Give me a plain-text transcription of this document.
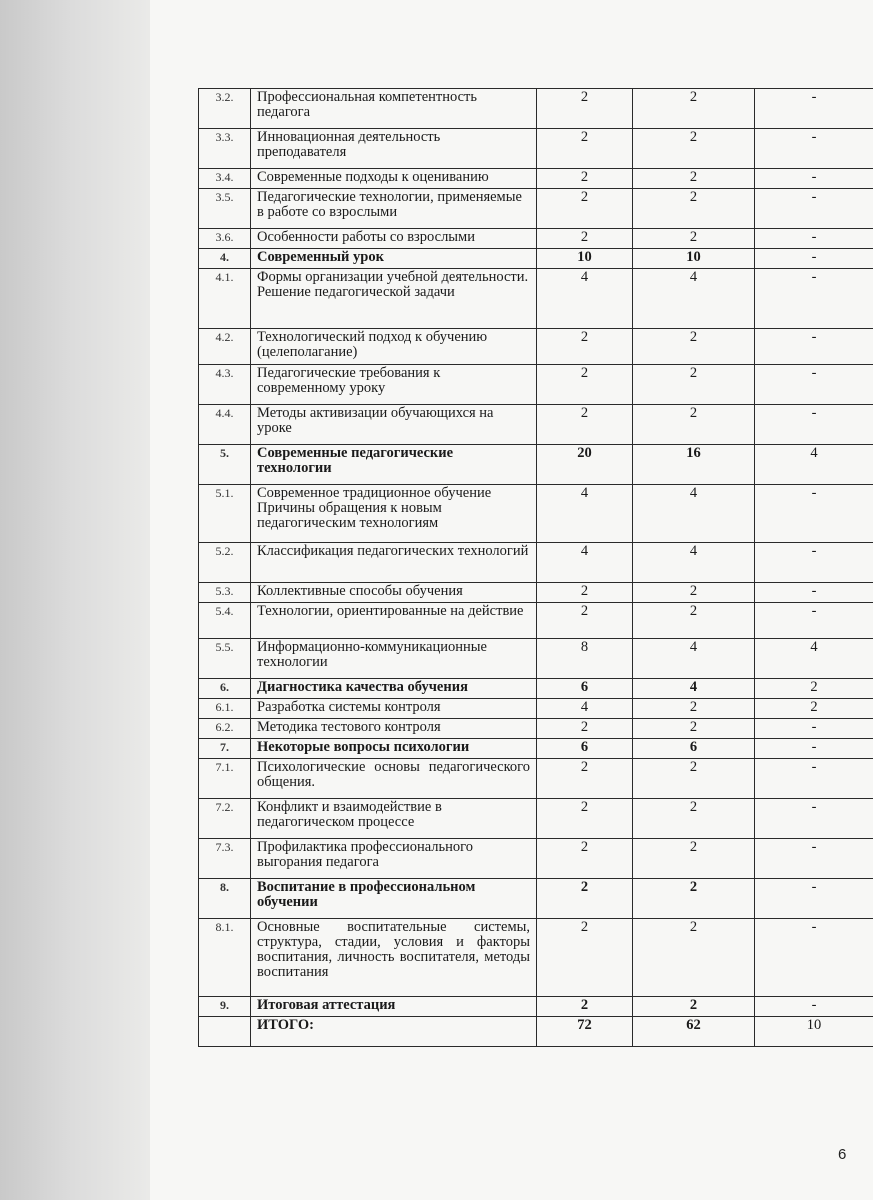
3.2.	Профессиональная компетентность педагога	2	2	-
3.3.	Инновационная деятельность преподавателя	2	2	-
3.4.	Современные подходы к оцениванию	2	2	-
3.5.	Педагогические технологии, применяемые в работе со взрослыми	2	2	-
3.6.	Особенности работы со взрослыми	2	2	-
4.	Современный урок	10	10	-
4.1.	Формы организации учебной деятельности. Решение педагогической задачи	4	4	-
4.2.	Технологический подход к обучению (целеполагание)	2	2	-
4.3.	Педагогические требования к современному уроку	2	2	-
4.4.	Методы активизации обучающихся на уроке	2	2	-
5.	Современные педагогические технологии	20	16	4
5.1.	Современное традиционное обучение Причины обращения к новым педагогическим технологиям	4	4	-
5.2.	Классификация педагогических технологий	4	4	-
5.3.	Коллективные способы обучения	2	2	-
5.4.	Технологии, ориентированные на действие	2	2	-
5.5.	Информационно-коммуникационные технологии	8	4	4
6.	Диагностика качества обучения	6	4	2
6.1.	Разработка системы контроля	4	2	2
6.2.	Методика тестового контроля	2	2	-
7.	Некоторые вопросы психологии	6	6	-
7.1.	Психологические основы педагогического общения.	2	2	-
7.2.	Конфликт и взаимодействие в педагогическом процессе	2	2	-
7.3.	Профилактика профессионального выгорания педагога	2	2	-
8.	Воспитание в профессиональном обучении	2	2	-
8.1.	Основные воспитательные системы, структура, стадии, условия и факторы воспитания, личность воспитателя, методы воспитания	2	2	-
9.	Итоговая аттестация	2	2	-
	ИТОГО:	72	62	10
6
